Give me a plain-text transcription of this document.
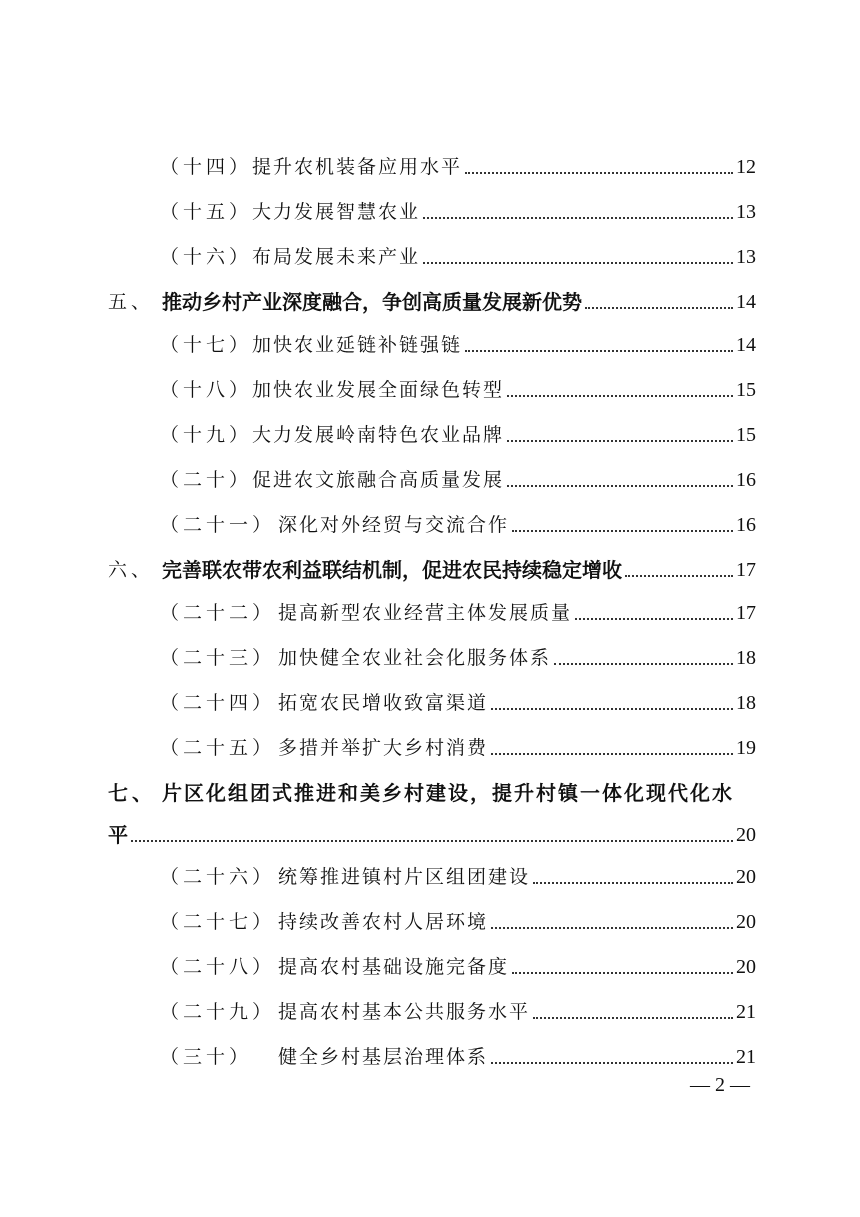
（十四） 提升农机装备应用水平	12
（十五） 大力发展智慧农业	13
（十六） 布局发展未来产业	13
五、 推动乡村产业深度融合，争创高质量发展新优势	14
（十七） 加快农业延链补链强链	14
（十八） 加快农业发展全面绿色转型	15
（十九） 大力发展岭南特色农业品牌	15
（二十） 促进农文旅融合高质量发展	16
（二十一） 深化对外经贸与交流合作	16
六、 完善联农带农利益联结机制，促进农民持续稳定增收	17
（二十二） 提高新型农业经营主体发展质量	17
（二十三） 加快健全农业社会化服务体系	18
（二十四） 拓宽农民增收致富渠道	18
（二十五） 多措并举扩大乡村消费	19
七、 片区化组团式推进和美乡村建设，提升村镇一体化现代化水
平	20
（二十六） 统筹推进镇村片区组团建设	20
（二十七） 持续改善农村人居环境	20
（二十八） 提高农村基础设施完备度	20
（二十九） 提高农村基本公共服务水平	21
（三十）	健全乡村基层治理体系	21
— 2 —
